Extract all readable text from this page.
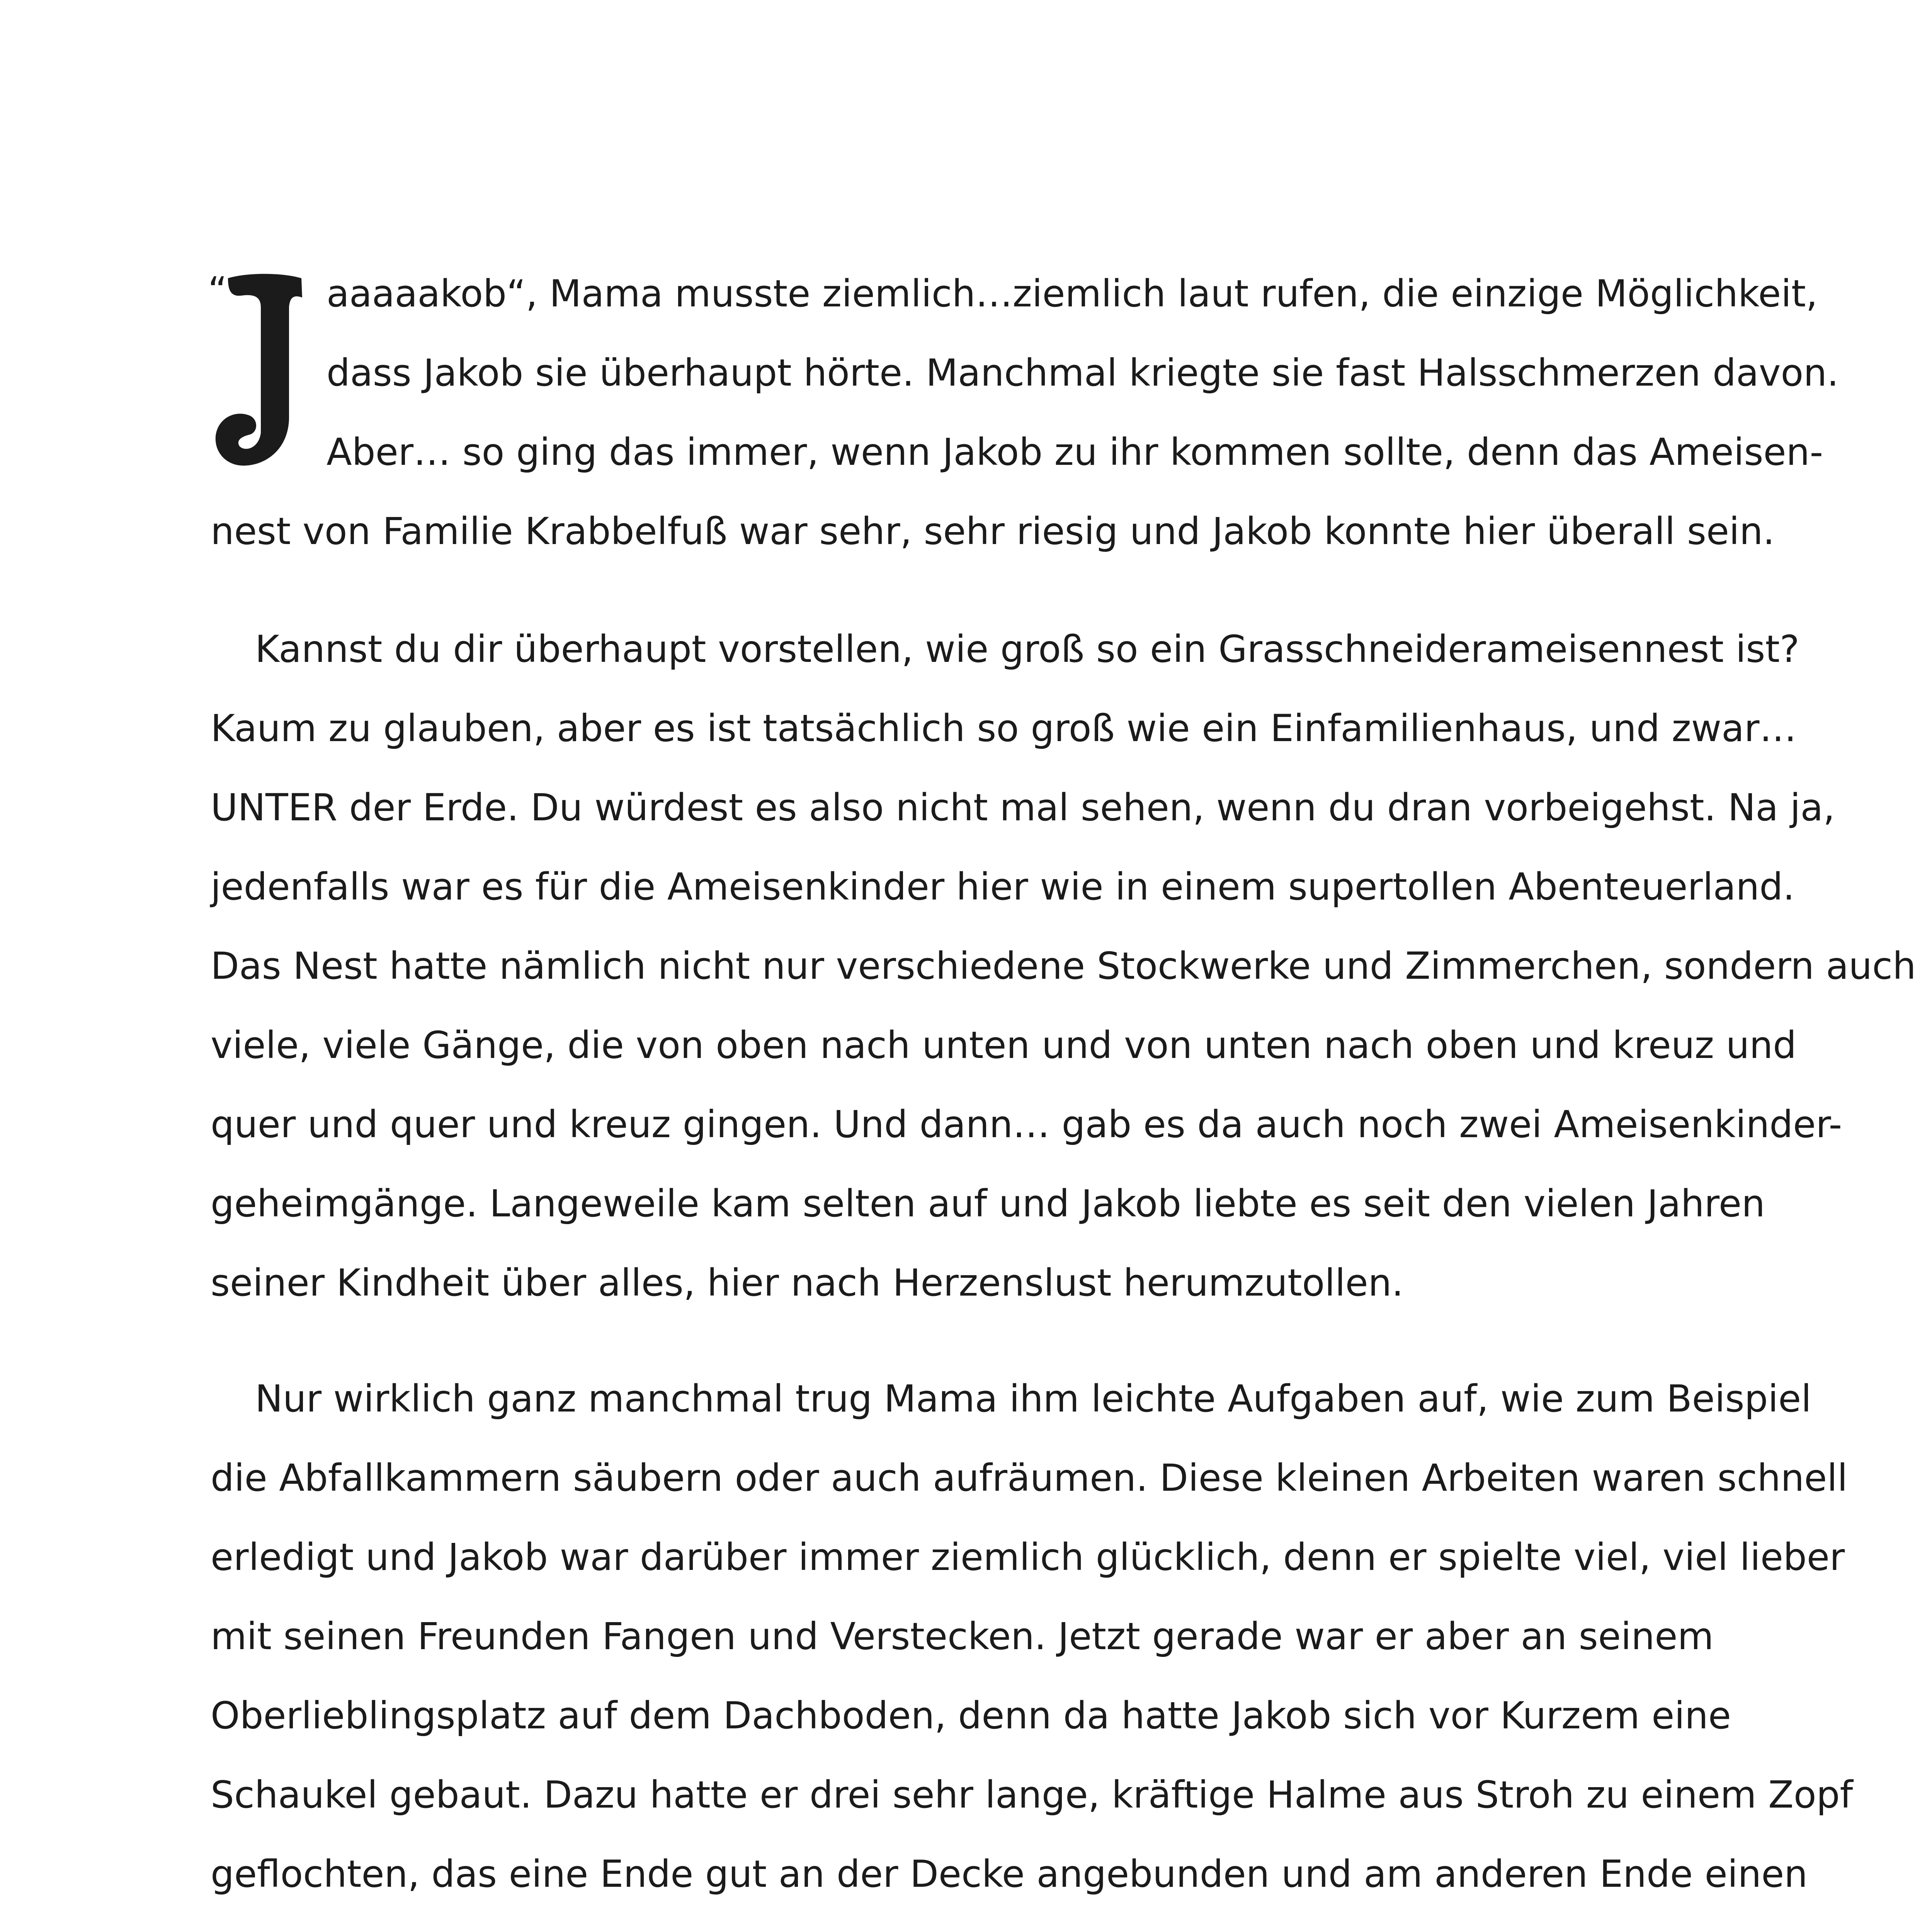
“	aaaaakob“, Mama musste ziemlich…ziemlich laut rufen, die einzige Möglichkeit,
dass Jakob sie überhaupt hörte. Manchmal kriegte sie fast Halsschmerzen davon.
Aber… so ging das immer, wenn Jakob zu ihr kommen sollte, denn das Ameisen-
nest von Familie Krabbelfuß war sehr, sehr riesig und Jakob konnte hier überall sein.
Kannst du dir überhaupt vorstellen, wie groß so ein Grasschneiderameisennest ist?
Kaum zu glauben, aber es ist tatsächlich so groß wie ein Einfamilienhaus, und zwar…
UNTER der Erde. Du würdest es also nicht mal sehen, wenn du dran vorbeigehst. Na ja,
jedenfalls war es für die Ameisenkinder hier wie in einem supertollen Abenteuerland.
Das Nest hatte nämlich nicht nur verschiedene Stockwerke und Zimmerchen, sondern auch
viele, viele Gänge, die von oben nach unten und von unten nach oben und kreuz und
quer und quer und kreuz gingen. Und dann… gab es da auch noch zwei Ameisenkinder-
geheimgänge. Langeweile kam selten auf und Jakob liebte es seit den vielen Jahren
seiner Kindheit über alles, hier nach Herzenslust herumzutollen.
Nur wirklich ganz manchmal trug Mama ihm leichte Aufgaben auf, wie zum Beispiel
die Abfallkammern säubern oder auch aufräumen. Diese kleinen Arbeiten waren schnell
erledigt und Jakob war darüber immer ziemlich glücklich, denn er spielte viel, viel lieber
mit seinen Freunden Fangen und Verstecken. Jetzt gerade war er aber an seinem
Oberlieblingsplatz auf dem Dachboden, denn da hatte Jakob sich vor Kurzem eine
Schaukel gebaut. Dazu hatte er drei sehr lange, kräftige Halme aus Stroh zu einem Zopf
geflochten, das eine Ende gut an der Decke angebunden und am anderen Ende einen
